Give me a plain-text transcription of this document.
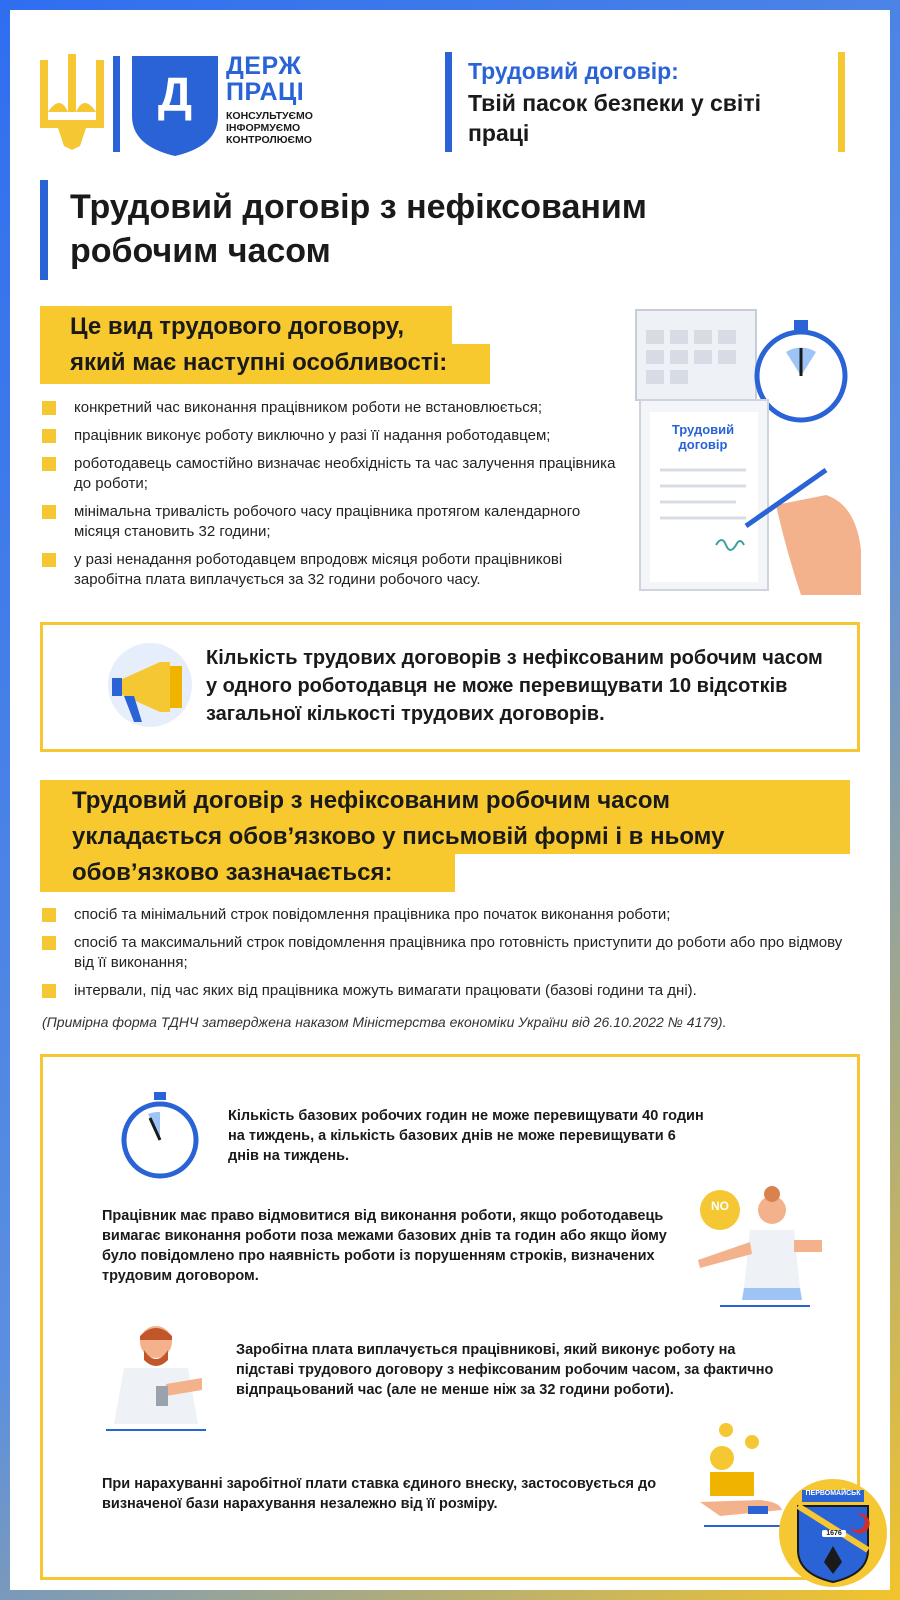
Д
ДЕРЖ
ПРАЦІ
КОНСУЛЬТУЄМО
ІНФОРМУЄМО
КОНТРОЛЮЄМО
Трудовий договір:
Твій пасок безпеки у світі праці
Трудовий договір з нефіксованим робочим часом
Це вид трудового договору,
який має наступні особливості:
конкретний час виконання працівником роботи не встановлюється;
працівник виконує роботу виключно у разі її надання роботодавцем;
роботодавець самостійно визначає необхідність та час залучення працівника до роботи;
мінімальна тривалість робочого часу працівника протягом календарного місяця становить 32 години;
у разі ненадання роботодавцем впродовж місяця роботи працівникові заробітна плата виплачується за 32 години робочого часу.
Трудовий
договір
Кількість трудових договорів з нефіксованим робочим часом у одного роботодавця не може перевищувати 10 відсотків загальної кількості трудових договорів.
Трудовий договір з нефіксованим робочим часом
укладається обов’язково у письмовій формі і в ньому
обов’язково зазначається:
спосіб та мінімальний строк повідомлення працівника про початок виконання роботи;
спосіб та максимальний строк повідомлення працівника про готовність приступити до роботи або про відмову від її виконання;
інтервали, під час яких від працівника можуть вимагати працювати (базові години та дні).
(Примірна форма ТДНЧ затверджена наказом Міністерства економіки України від 26.10.2022 № 4179).
Кількість базових робочих годин не може перевищувати 40 годин на тиждень, а кількість базових днів не може перевищувати 6 днів на тиждень.
Працівник має право відмовитися від виконання роботи, якщо роботодавець вимагає виконання роботи поза межами базових днів та годин або якщо йому було повідомлено про наявність роботи із порушенням строків, визначених трудовим договором.
NO
Заробітна плата виплачується працівникові, який виконує роботу на підставі трудового договору з нефіксованим робочим часом, за фактично відпрацьований час (але не менше ніж за 32 години роботи).
При нарахуванні заробітної плати ставка єдиного внеску, застосовується до визначеної бази нарахування незалежно від її розміру.
ПЕРВОМАЙСЬК
1676
